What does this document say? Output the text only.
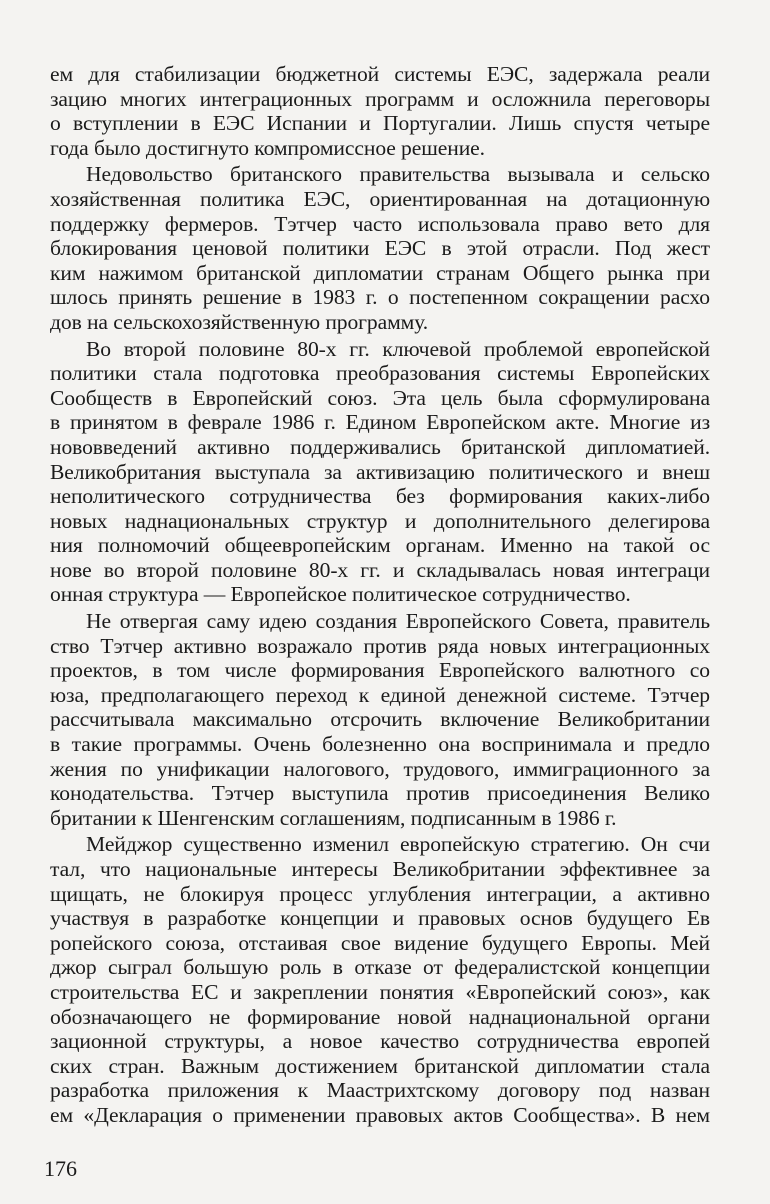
ем для стабилизации бюджетной системы ЕЭС, задержала реали
зацию многих интеграционных программ и осложнила переговоры
о вступлении в ЕЭС Испании и Португалии. Лишь спустя четыре
года было достигнуто компромиссное решение.

Недовольство британского правительства вызывала и сельско
хозяйственная политика ЕЭС, ориентированная на дотационную
поддержку фермеров. Тэтчер часто использовала право вето для
блокирования ценовой политики ЕЭС в этой отрасли. Под жест
ким нажимом британской дипломатии странам Общего рынка при
шлось принять решение в 1983 г. о постепенном сокращении расхо
дов на сельскохозяйственную программу.

Во второй половине 80-х гг. ключевой проблемой европейской
политики стала подготовка преобразования системы Европейских
Сообществ в Европейский союз. Эта цель была сформулирована
в принятом в феврале 1986 г. Едином Европейском акте. Многие из
нововведений активно поддерживались британской дипломатией.
Великобритания выступала за активизацию политического и внеш
неполитического сотрудничества без формирования каких-либо
новых наднациональных структур и дополнительного делегирова
ния полномочий общеевропейским органам. Именно на такой ос
нове во второй половине 80-х гг. и складывалась новая интеграци
онная структура — Европейское политическое сотрудничество.

Не отвергая саму идею создания Европейского Совета, правитель
ство Тэтчер активно возражало против ряда новых интеграционных
проектов, в том числе формирования Европейского валютного со
юза, предполагающего переход к единой денежной системе. Тэтчер
рассчитывала максимально отсрочить включение Великобритании
в такие программы. Очень болезненно она воспринимала и предло
жения по унификации налогового, трудового, иммиграционного за
конодательства. Тэтчер выступила против присоединения Велико
британии к Шенгенским соглашениям, подписанным в 1986 г.

Мейджор существенно изменил европейскую стратегию. Он счи
тал, что национальные интересы Великобритании эффективнее за
щищать, не блокируя процесс углубления интеграции, а активно
участвуя в разработке концепции и правовых основ будущего Ев
ропейского союза, отстаивая свое видение будущего Европы. Мей
джор сыграл большую роль в отказе от федералистской концепции
строительства ЕС и закреплении понятия «Европейский союз», как
обозначающего не формирование новой наднациональной органи
зационной структуры, а новое качество сотрудничества европей
ских стран. Важным достижением британской дипломатии стала
разработка приложения к Маастрихтскому договору под назван
ем «Декларация о применении правовых актов Сообщества». В нем

176
